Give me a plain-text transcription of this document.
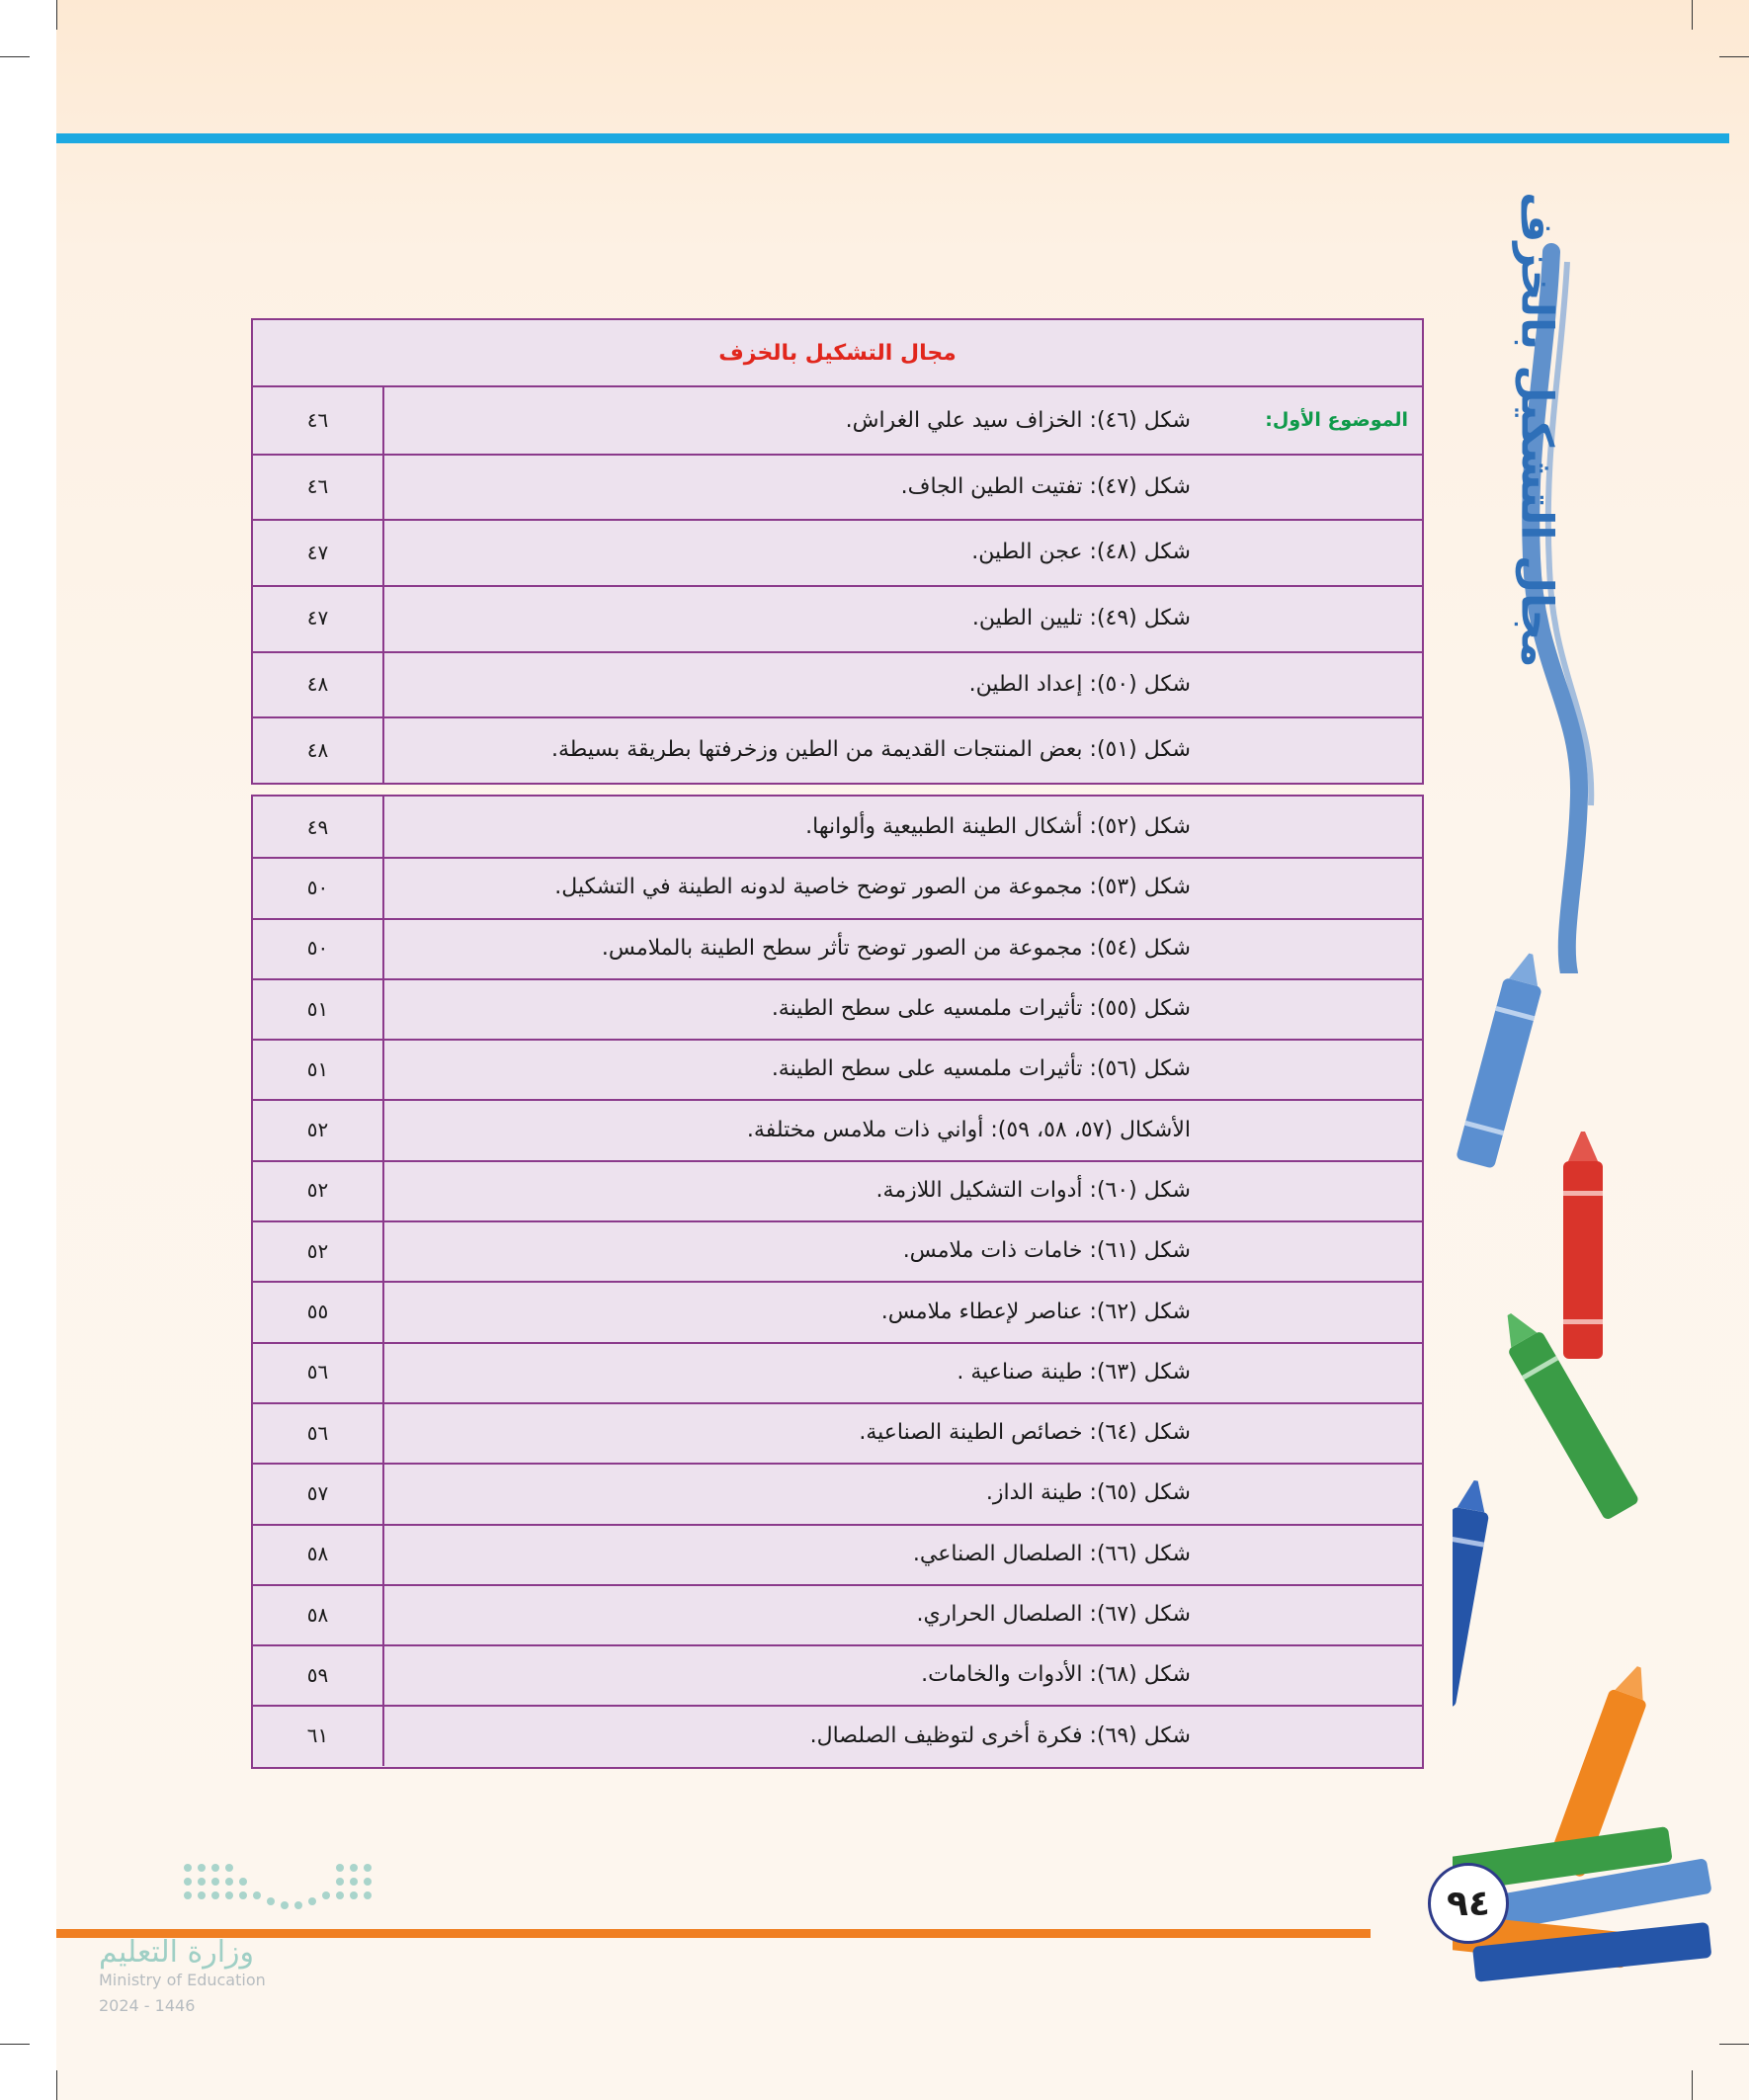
مجال التشكيل بالخزف
شكل (٤٦): الخزاف سيد علي الغراش.
٤٦	الموضوع الأول:
شكل (٤٧): تفتيت الطين الجاف.
٤٦
شكل (٤٨): عجن الطين.
٤٧
شكل (٤٩): تليين الطين.
٤٧
شكل (٥٠): إعداد الطين.
٤٨
شكل (٥١): بعض المنتجات القديمة من الطين وزخرفتها بطريقة بسيطة.
٤٨
شكل (٥٢): أشكال الطينة الطبيعية وألوانها.
٤٩
شكل (٥٣): مجموعة من الصور توضح خاصية لدونه الطينة في التشكيل.
٥٠
شكل (٥٤): مجموعة من الصور توضح تأثر سطح الطينة بالملامس.
٥٠
شكل (٥٥): تأثيرات ملمسيه على سطح الطينة.
٥١
شكل (٥٦): تأثيرات ملمسيه على سطح الطينة.
٥١
الأشكال (٥٧، ٥٨، ٥٩): أواني ذات ملامس مختلفة.
٥٢
شكل (٦٠): أدوات التشكيل اللازمة.
٥٢
شكل (٦١): خامات ذات ملامس.
٥٢
شكل (٦٢): عناصر لإعطاء ملامس.
٥٥
شكل (٦٣): طينة صناعية .
٥٦
شكل (٦٤): خصائص الطينة الصناعية.
٥٦
شكل (٦٥): طينة الداز.
٥٧
شكل (٦٦): الصلصال الصناعي.
٥٨
شكل (٦٧): الصلصال الحراري.
٥٨
شكل (٦٨): الأدوات والخامات.
٥٩
شكل (٦٩): فكرة أخرى لتوظيف الصلصال.
٦١
مجال التشكيل بالخزف
٩٤
وزارة التعليم
Ministry of Education
2024 - 1446
